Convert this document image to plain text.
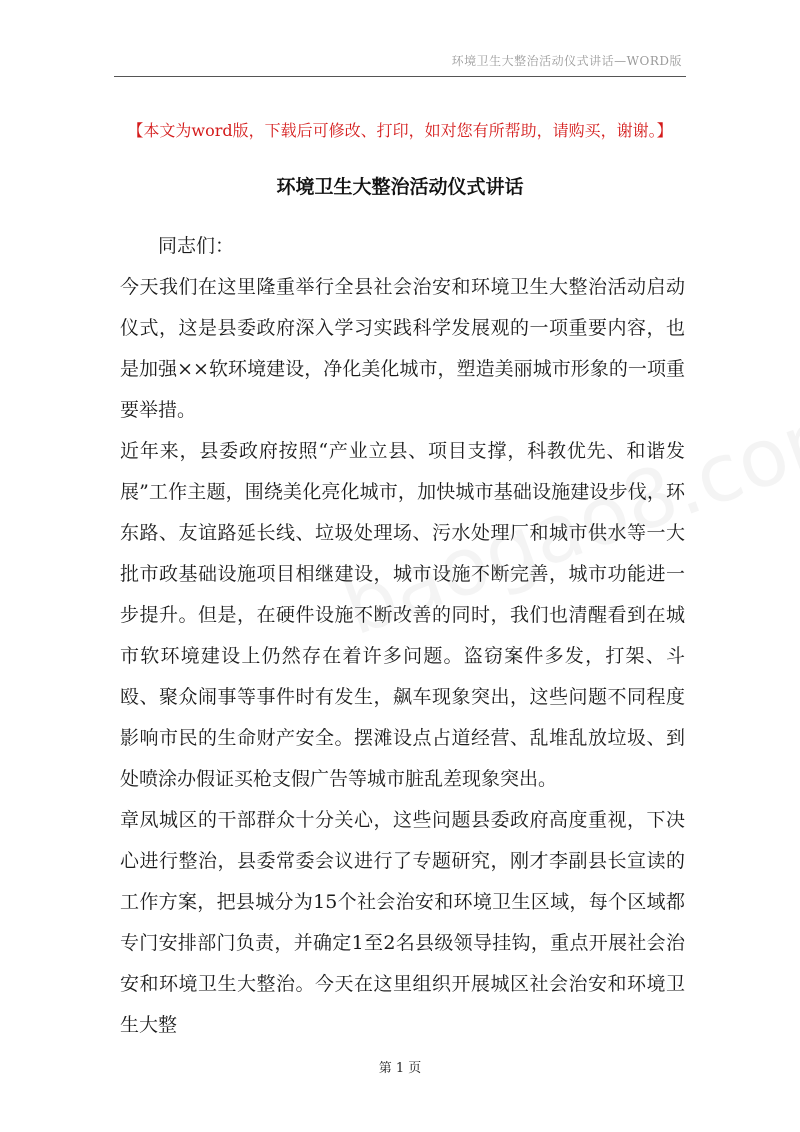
环境卫生大整治活动仪式讲话—WORD版
【本文为word版，下载后可修改、打印，如对您有所帮助，请购买，谢谢。】
环境卫生大整治活动仪式讲话

同志们：

今天我们在这里隆重举行全县社会治安和环境卫生大整治活动启动仪式，这是县委政府深入学习实践科学发展观的一项重要内容，也是加强××软环境建设，净化美化城市，塑造美丽城市形象的一项重要举措。

近年来，县委政府按照“产业立县、项目支撑，科教优先、和谐发展”工作主题，围绕美化亮化城市，加快城市基础设施建设步伐，环东路、友谊路延长线、垃圾处理场、污水处理厂和城市供水等一大批市政基础设施项目相继建设，城市设施不断完善，城市功能进一步提升。但是，在硬件设施不断改善的同时，我们也清醒看到在城市软环境建设上仍然存在着许多问题。盗窃案件多发，打架、斗殴、聚众闹事等事件时有发生，飙车现象突出，这些问题不同程度影响市民的生命财产安全。摆滩设点占道经营、乱堆乱放垃圾、到处喷涂办假证买枪支假广告等城市脏乱差现象突出。

章凤城区的干部群众十分关心，这些问题县委政府高度重视，下决心进行整治，县委常委会议进行了专题研究，刚才李副县长宣读的工作方案，把县城分为15个社会治安和环境卫生区域，每个区域都专门安排部门负责，并确定1至2名县级领导挂钩，重点开展社会治安和环境卫生大整治。今天在这里组织开展城区社会治安和环境卫生大整

第 1 页
